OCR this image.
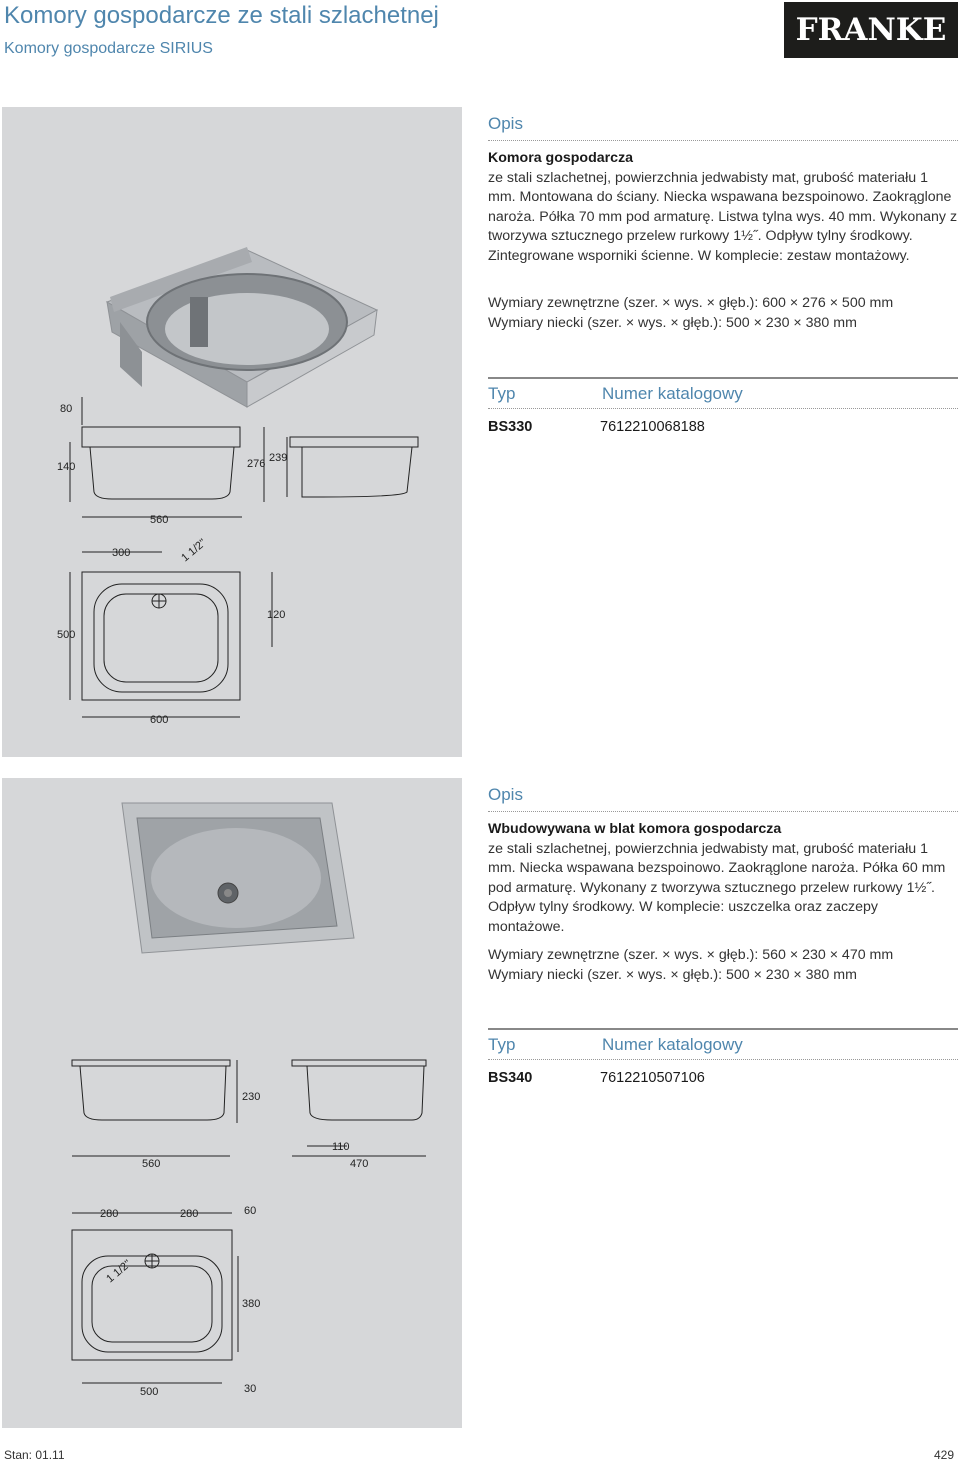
Komory gospodarcze ze stali szlachetnej
Komory gospodarcze SIRIUS
FRANKE
80
140
560
276 239
300	1 1/2"
120
500
600
Opis
Komora gospodarcza
ze stali szlachetnej, powierzchnia jedwabisty mat, grubość materiału 1 mm. Montowana do ściany. Niecka wspawana bezspoinowo. Zaokrąglone naroża. Półka 70 mm pod armaturę. Listwa tylna wys. 40 mm. Wykonany z tworzywa sztucznego przelew rurkowy 1½˝. Odpływ tylny środkowy. Zintegrowane wsporniki ścienne. W komplecie: zestaw montażowy.
Wymiary zewnętrzne (szer. × wys. × głęb.): 600 × 276 × 500 mm
Wymiary niecki (szer. × wys. × głęb.): 500 × 230 × 380 mm
Typ	Numer katalogowy
BS330	7612210068188
230
560
110
470
280	280	60
1 1/2"
380
500	30
Opis
Wbudowywana w blat komora gospodarcza
ze stali szlachetnej, powierzchnia jedwabisty mat, grubość materiału 1 mm. Niecka wspawana bezspoinowo. Zaokrąglone naroża. Półka 60 mm pod armaturę. Wykonany z tworzywa sztucznego przelew rurkowy 1½˝. Odpływ tylny środkowy. W komplecie: uszczelka oraz zaczepy montażowe.
Wymiary zewnętrzne (szer. × wys. × głęb.): 560 × 230 × 470 mm
Wymiary niecki (szer. × wys. × głęb.): 500 × 230 × 380 mm
Typ	Numer katalogowy
BS340	7612210507106
Stan: 01.11	429
